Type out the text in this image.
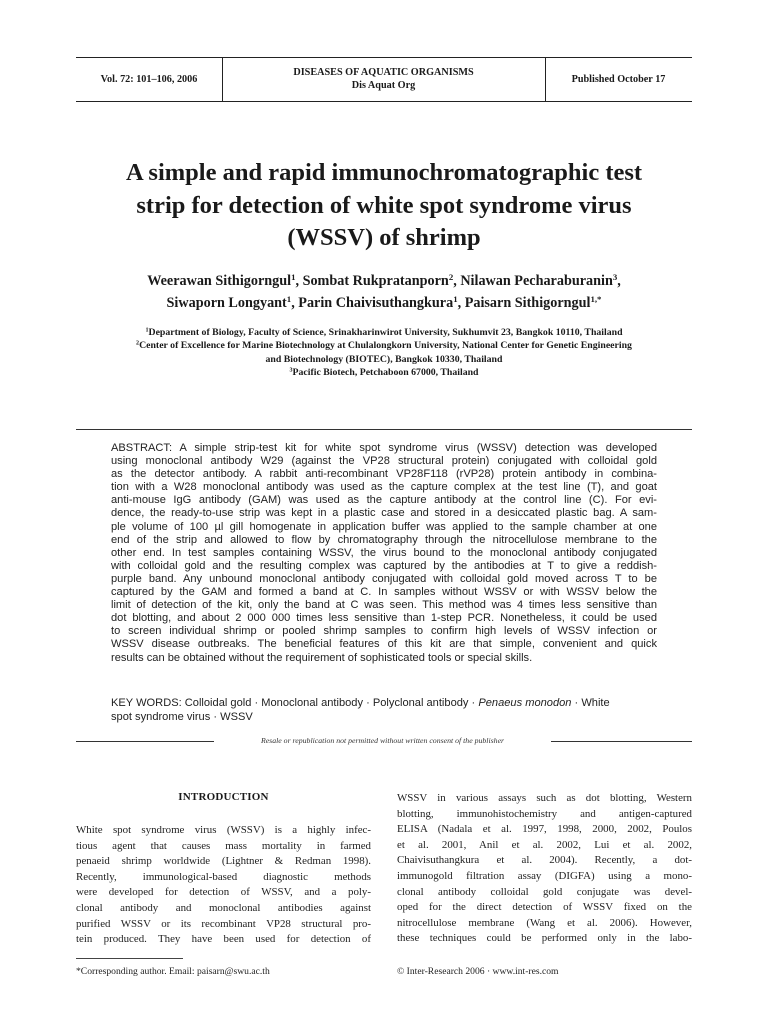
Vol. 72: 101–106, 2006
DISEASES OF AQUATIC ORGANISMS
Dis Aquat Org
Published October 17
A simple and rapid immunochromatographic test
strip for detection of white spot syndrome virus
(WSSV) of shrimp
Weerawan Sithigorngul$^1$, Sombat Rukpratanporn$^2$, Nilawan Pecharaburanin$^3$,
Siwaporn Longyant$^1$, Parin Chaivisuthangkura$^1$, Paisarn Sithigorngul$^{1,*}$
$^1$Department of Biology, Faculty of Science, Srinakharinwirot University, Sukhumvit 23, Bangkok 10110, Thailand
$^2$Center of Excellence for Marine Biotechnology at Chulalongkorn University, National Center for Genetic Engineering
and Biotechnology (BIOTEC), Bangkok 10330, Thailand
$^3$Pacific Biotech, Petchaboon 67000, Thailand
ABSTRACT: A simple strip-test kit for white spot syndrome virus (WSSV) detection was developed
using monoclonal antibody W29 (against the VP28 structural protein) conjugated with colloidal gold
as the detector antibody. A rabbit anti-recombinant VP28F118 (rVP28) protein antibody in combina-
tion with a W28 monoclonal antibody was used as the capture complex at the test line (T), and goat
anti-mouse IgG antibody (GAM) was used as the capture antibody at the control line (C). For evi-
dence, the ready-to-use strip was kept in a plastic case and stored in a desiccated plastic bag. A sam-
ple volume of 100 µl gill homogenate in application buffer was applied to the sample chamber at one
end of the strip and allowed to flow by chromatography through the nitrocellulose membrane to the
other end. In test samples containing WSSV, the virus bound to the monoclonal antibody conjugated
with colloidal gold and the resulting complex was captured by the antibodies at T to give a reddish-
purple band. Any unbound monoclonal antibody conjugated with colloidal gold moved across T to be
captured by the GAM and formed a band at C. In samples without WSSV or with WSSV below the
limit of detection of the kit, only the band at C was seen. This method was 4 times less sensitive than
dot blotting, and about 2 000 000 times less sensitive than 1-step PCR. Nonetheless, it could be used
to screen individual shrimp or pooled shrimp samples to confirm high levels of WSSV infection or
WSSV disease outbreaks. The beneficial features of this kit are that simple, convenient and quick
results can be obtained without the requirement of sophisticated tools or special skills.
KEY WORDS: Colloidal gold · Monoclonal antibody · Polyclonal antibody · Penaeus monodon · White
spot syndrome virus · WSSV
Resale or republication not permitted without written consent of the publisher
INTRODUCTION
White spot syndrome virus (WSSV) is a highly infec-
tious agent that causes mass mortality in farmed
penaeid shrimp worldwide (Lightner & Redman 1998).
Recently, immunological-based diagnostic methods
were developed for detection of WSSV, and a poly-
clonal antibody and monoclonal antibodies against
purified WSSV or its recombinant VP28 structural pro-
tein produced. They have been used for detection of
WSSV in various assays such as dot blotting, Western
blotting, immunohistochemistry and antigen-captured
ELISA (Nadala et al. 1997, 1998, 2000, 2002, Poulos
et al. 2001, Anil et al. 2002, Lui et al. 2002,
Chaivisuthangkura et al. 2004). Recently, a dot-
immunogold filtration assay (DIGFA) using a mono-
clonal antibody colloidal gold conjugate was devel-
oped for the direct detection of WSSV fixed on the
nitrocellulose membrane (Wang et al. 2006). However,
these techniques could be performed only in the labo-
*Corresponding author. Email: paisarn@swu.ac.th	© Inter-Research 2006 · www.int-res.com
